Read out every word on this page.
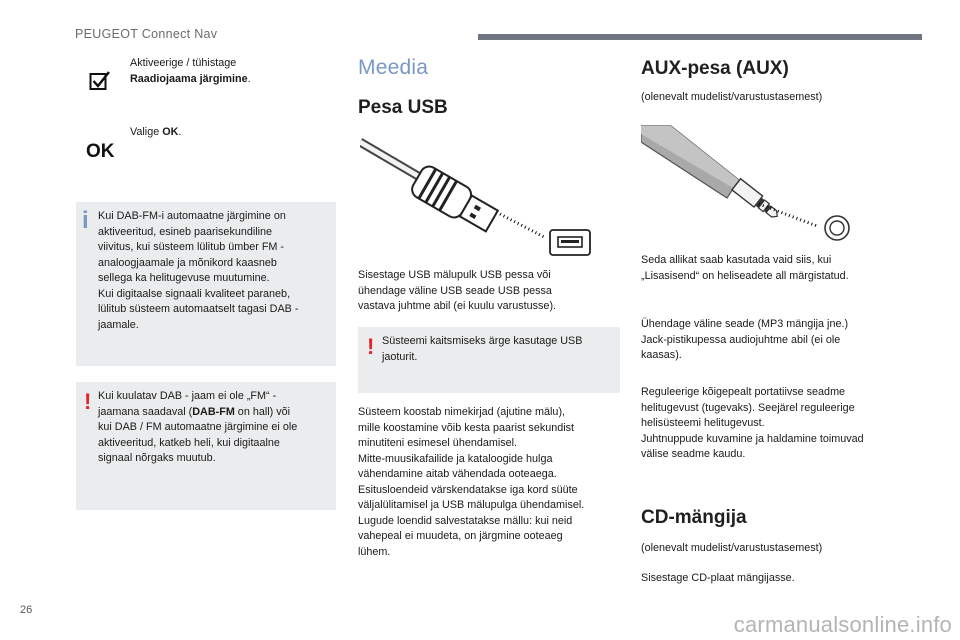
PEUGEOT Connect Nav
Aktiveerige / tühistage
Raadiojaama järgimine.
OK
Valige OK.
i Kui DAB-FM-i automaatne järgimine on
aktiveeritud, esineb paarisekundiline
viivitus, kui süsteem lülitub ümber FM -
analoogjaamale ja mõnikord kaasneb
sellega ka helitugevuse muutumine.
Kui digitaalse signaali kvaliteet paraneb,
lülitub süsteem automaatselt tagasi DAB -
jaamale.
! Kui kuulatav DAB - jaam ei ole „FM“ -
jaamana saadaval (DAB-FM on hall) või
kui DAB / FM automaatne järgimine ei ole
aktiveeritud, katkeb heli, kui digitaalne
signaal nõrgaks muutub.
Meedia
Pesa USB
Sisestage USB mälupulk USB pessa või
ühendage väline USB seade USB pessa
vastava juhtme abil (ei kuulu varustusse).
! Süsteemi kaitsmiseks ärge kasutage USB
jaoturit.
Süsteem koostab nimekirjad (ajutine mälu),
mille koostamine võib kesta paarist sekundist
minutiteni esimesel ühendamisel.
Mitte-muusikafailide ja kataloogide hulga
vähendamine aitab vähendada ooteaega.
Esitusloendeid värskendatakse iga kord süüte
väljalülitamisel ja USB mälupulga ühendamisel.
Lugude loendid salvestatakse mällu: kui neid
vahepeal ei muudeta, on järgmine ooteaeg
lühem.
AUX-pesa (AUX)
(olenevalt mudelist/varustustasemest)
Seda allikat saab kasutada vaid siis, kui
„Lisasisend“ on heliseadete all märgistatud.
Ühendage väline seade (MP3 mängija jne.)
Jack-pistikupessa audiojuhtme abil (ei ole
kaasas).
Reguleerige kõigepealt portatiivse seadme
helitugevust (tugevaks). Seejärel reguleerige
helisüsteemi helitugevust.
Juhtnuppude kuvamine ja haldamine toimuvad
välise seadme kaudu.
CD-mängija
(olenevalt mudelist/varustustasemest)
Sisestage CD-plaat mängijasse.
26
carmanualsonline.info
